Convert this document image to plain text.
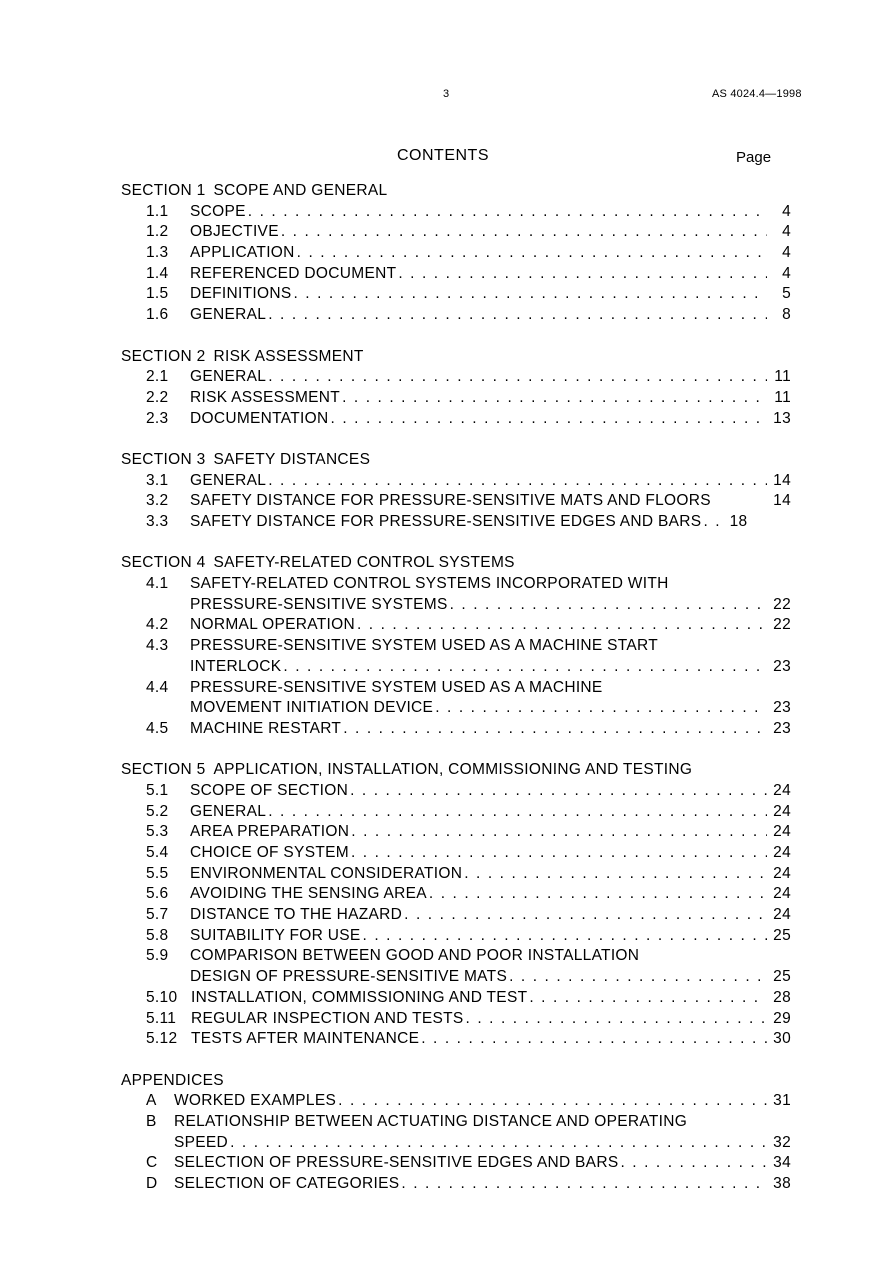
3	AS 4024.4—1998
CONTENTS	Page
SECTION 1 SCOPE AND GENERAL
1.1	SCOPE . . .	4
1.2	OBJECTIVE . . .	4
1.3	APPLICATION . . .	4
1.4	REFERENCED DOCUMENT . . .	4
1.5	DEFINITIONS . . .	5
1.6	GENERAL . . .	8
SECTION 2 RISK ASSESSMENT
2.1	GENERAL . . .	11
2.2	RISK ASSESSMENT . . .	11
2.3	DOCUMENTATION . . .	13
SECTION 3 SAFETY DISTANCES
3.1	GENERAL . . .	14
3.2	SAFETY DISTANCE FOR PRESSURE-SENSITIVE MATS AND FLOORS	14
3.3	SAFETY DISTANCE FOR PRESSURE-SENSITIVE EDGES AND BARS . . .	18
SECTION 4 SAFETY-RELATED CONTROL SYSTEMS
4.1	SAFETY-RELATED CONTROL SYSTEMS INCORPORATED WITH
PRESSURE-SENSITIVE SYSTEMS . . .	22
4.2	NORMAL OPERATION . . .	22
4.3	PRESSURE-SENSITIVE SYSTEM USED AS A MACHINE START
INTERLOCK . . .	23
4.4	PRESSURE-SENSITIVE SYSTEM USED AS A MACHINE
MOVEMENT INITIATION DEVICE . . .	23
4.5	MACHINE RESTART . . .	23
SECTION 5 APPLICATION, INSTALLATION, COMMISSIONING AND TESTING
5.1	SCOPE OF SECTION . . .	24
5.2	GENERAL . . .	24
5.3	AREA PREPARATION . . .	24
5.4	CHOICE OF SYSTEM . . .	24
5.5	ENVIRONMENTAL CONSIDERATION . . .	24
5.6	AVOIDING THE SENSING AREA . . .	24
5.7	DISTANCE TO THE HAZARD . . .	24
5.8	SUITABILITY FOR USE . . .	25
5.9	COMPARISON BETWEEN GOOD AND POOR INSTALLATION
DESIGN OF PRESSURE-SENSITIVE MATS . . .	25
5.10 INSTALLATION, COMMISSIONING AND TEST . . .	28
5.11 REGULAR INSPECTION AND TESTS . . .	29
5.12 TESTS AFTER MAINTENANCE . . .	30
APPENDICES
A	WORKED EXAMPLES . . .	31
B	RELATIONSHIP BETWEEN ACTUATING DISTANCE AND OPERATING
SPEED . . .	32
C	SELECTION OF PRESSURE-SENSITIVE EDGES AND BARS . . .	34
D	SELECTION OF CATEGORIES . . .	38
